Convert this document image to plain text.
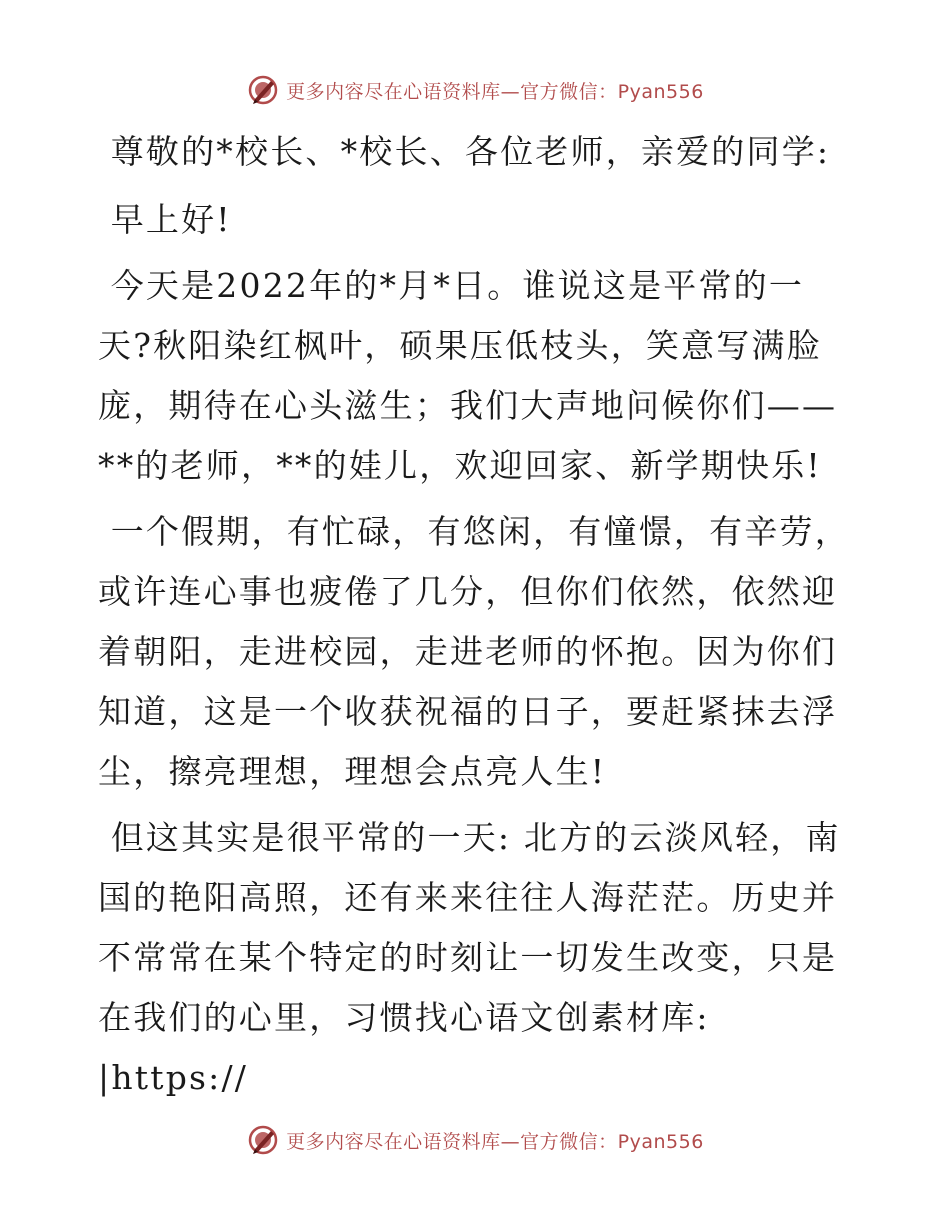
更多内容尽在心语资料库—官方微信：Pyan556

尊敬的*校长、*校长、各位老师，亲爱的同学:

早上好!

今天是2022年的*月*日。谁说这是平常的一天?秋阳染红枫叶，硕果压低枝头，笑意写满脸庞，期待在心头滋生；我们大声地问候你们——**的老师，**的娃儿，欢迎回家、新学期快乐!

一个假期，有忙碌，有悠闲，有憧憬，有辛劳，或许连心事也疲倦了几分，但你们依然，依然迎着朝阳，走进校园，走进老师的怀抱。因为你们知道，这是一个收获祝福的日子，要赶紧抹去浮尘，擦亮理想，理想会点亮人生!

但这其实是很平常的一天: 北方的云淡风轻，南国的艳阳高照，还有来来往往人海茫茫。历史并不常常在某个特定的时刻让一切发生改变，只是在我们的心里，习惯找心语文创素材库: |https://

更多内容尽在心语资料库—官方微信：Pyan556
